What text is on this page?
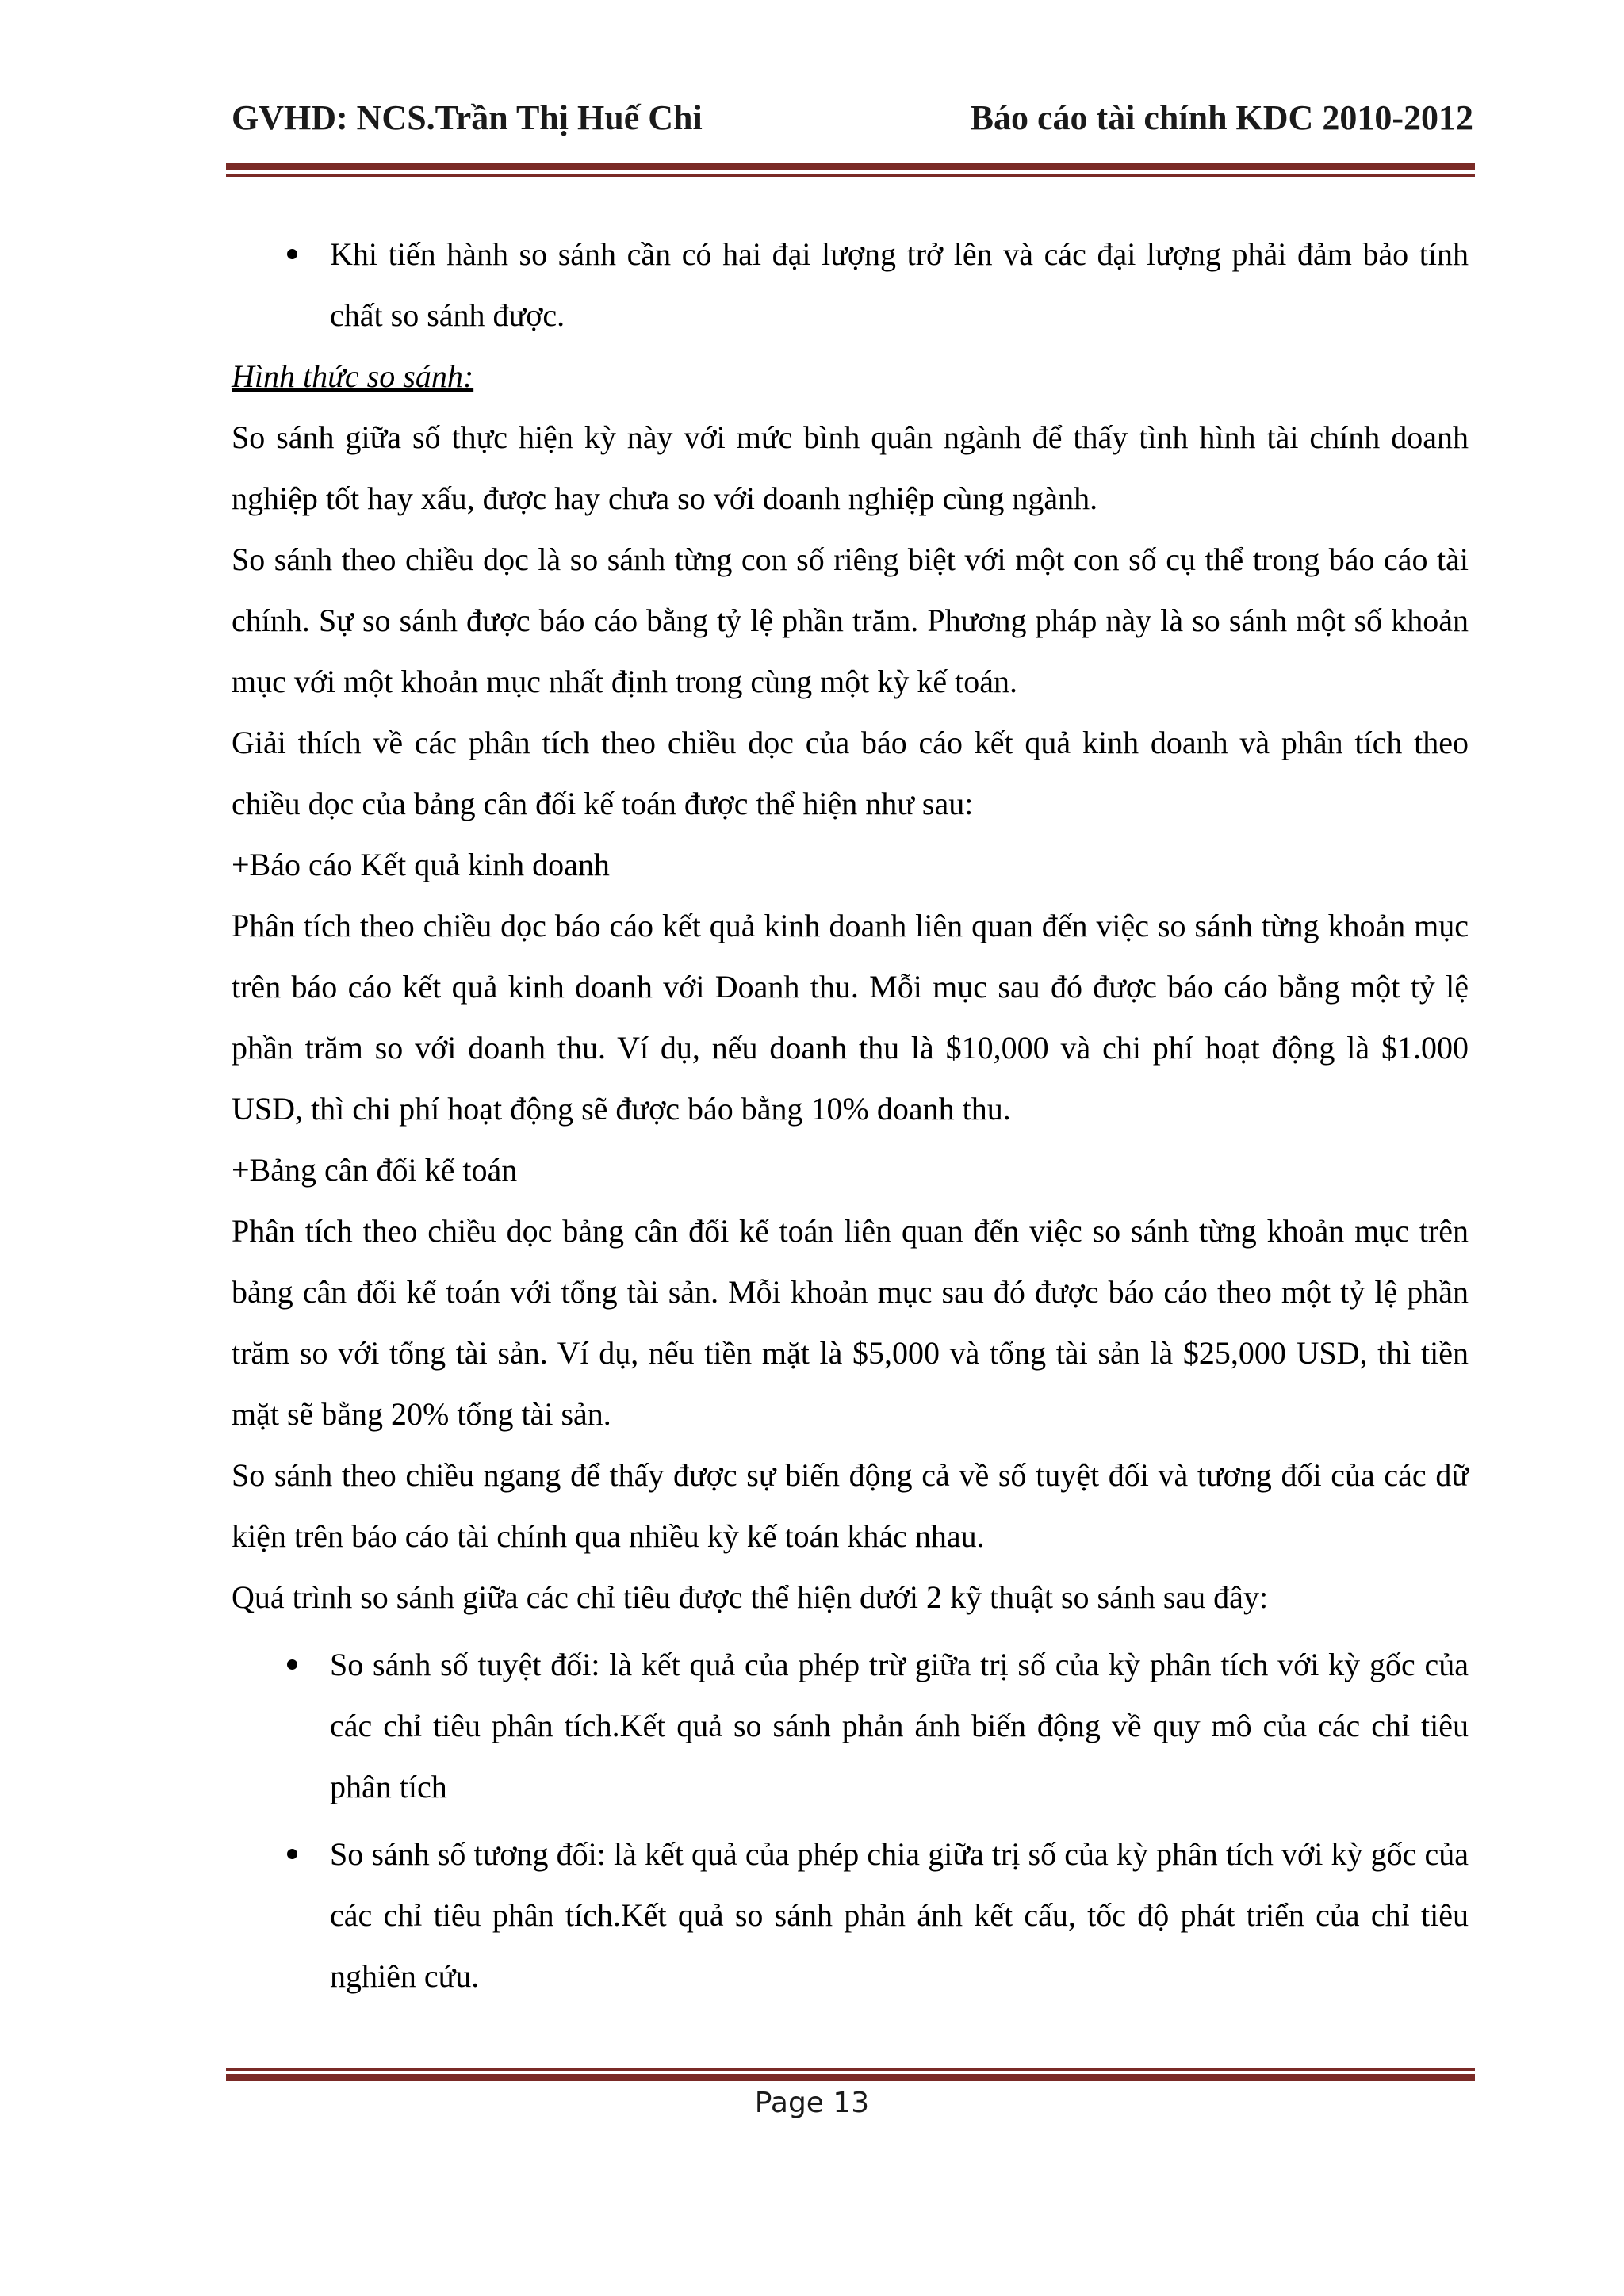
GVHD: NCS.Trần Thị Huế Chi	Báo cáo tài chính KDC 2010-2012

Khi tiến hành so sánh cần có hai đại lượng trở lên và các đại lượng phải đảm bảo tính chất so sánh được.

Hình thức so sánh:

So sánh giữa số thực hiện kỳ này với mức bình quân ngành để thấy tình hình tài chính doanh nghiệp tốt hay xấu, được hay chưa so với doanh nghiệp cùng ngành.

So sánh theo chiều dọc là so sánh từng con số riêng biệt với một con số cụ thể trong báo cáo tài chính. Sự so sánh được báo cáo bằng tỷ lệ phần trăm. Phương pháp này là so sánh một số khoản mục với một khoản mục nhất định trong cùng một kỳ kế toán.

Giải thích về các phân tích theo chiều dọc của báo cáo kết quả kinh doanh và phân tích theo chiều dọc của bảng cân đối kế toán được thể hiện như sau:

+Báo cáo Kết quả kinh doanh

Phân tích theo chiều dọc báo cáo kết quả kinh doanh liên quan đến việc so sánh từng khoản mục trên báo cáo kết quả kinh doanh với Doanh thu. Mỗi mục sau đó được báo cáo bằng một tỷ lệ phần trăm so với doanh thu. Ví dụ, nếu doanh thu là $10,000 và chi phí hoạt động là $1.000 USD, thì chi phí hoạt động sẽ được báo bằng 10% doanh thu.

+Bảng cân đối kế toán

Phân tích theo chiều dọc bảng cân đối kế toán liên quan đến việc so sánh từng khoản mục trên bảng cân đối kế toán với tổng tài sản. Mỗi khoản mục sau đó được báo cáo theo một tỷ lệ phần trăm so với tổng tài sản. Ví dụ, nếu tiền mặt là $5,000 và tổng tài sản là $25,000 USD, thì tiền mặt sẽ bằng 20% tổng tài sản.

So sánh theo chiều ngang để thấy được sự biến động cả về số tuyệt đối và tương đối của các dữ kiện trên báo cáo tài chính qua nhiều kỳ kế toán khác nhau.

Quá trình so sánh giữa các chỉ tiêu được thể hiện dưới 2 kỹ thuật so sánh sau đây:

So sánh số tuyệt đối: là kết quả của phép trừ giữa trị số của kỳ phân tích với kỳ gốc của các chỉ tiêu phân tích.Kết quả so sánh phản ánh biến động về quy mô của các chỉ tiêu phân tích

So sánh số tương đối: là kết quả của phép chia giữa trị số của kỳ phân tích với kỳ gốc của các chỉ tiêu phân tích.Kết quả so sánh phản ánh kết cấu, tốc độ phát triển của chỉ tiêu nghiên cứu.

Page 13
